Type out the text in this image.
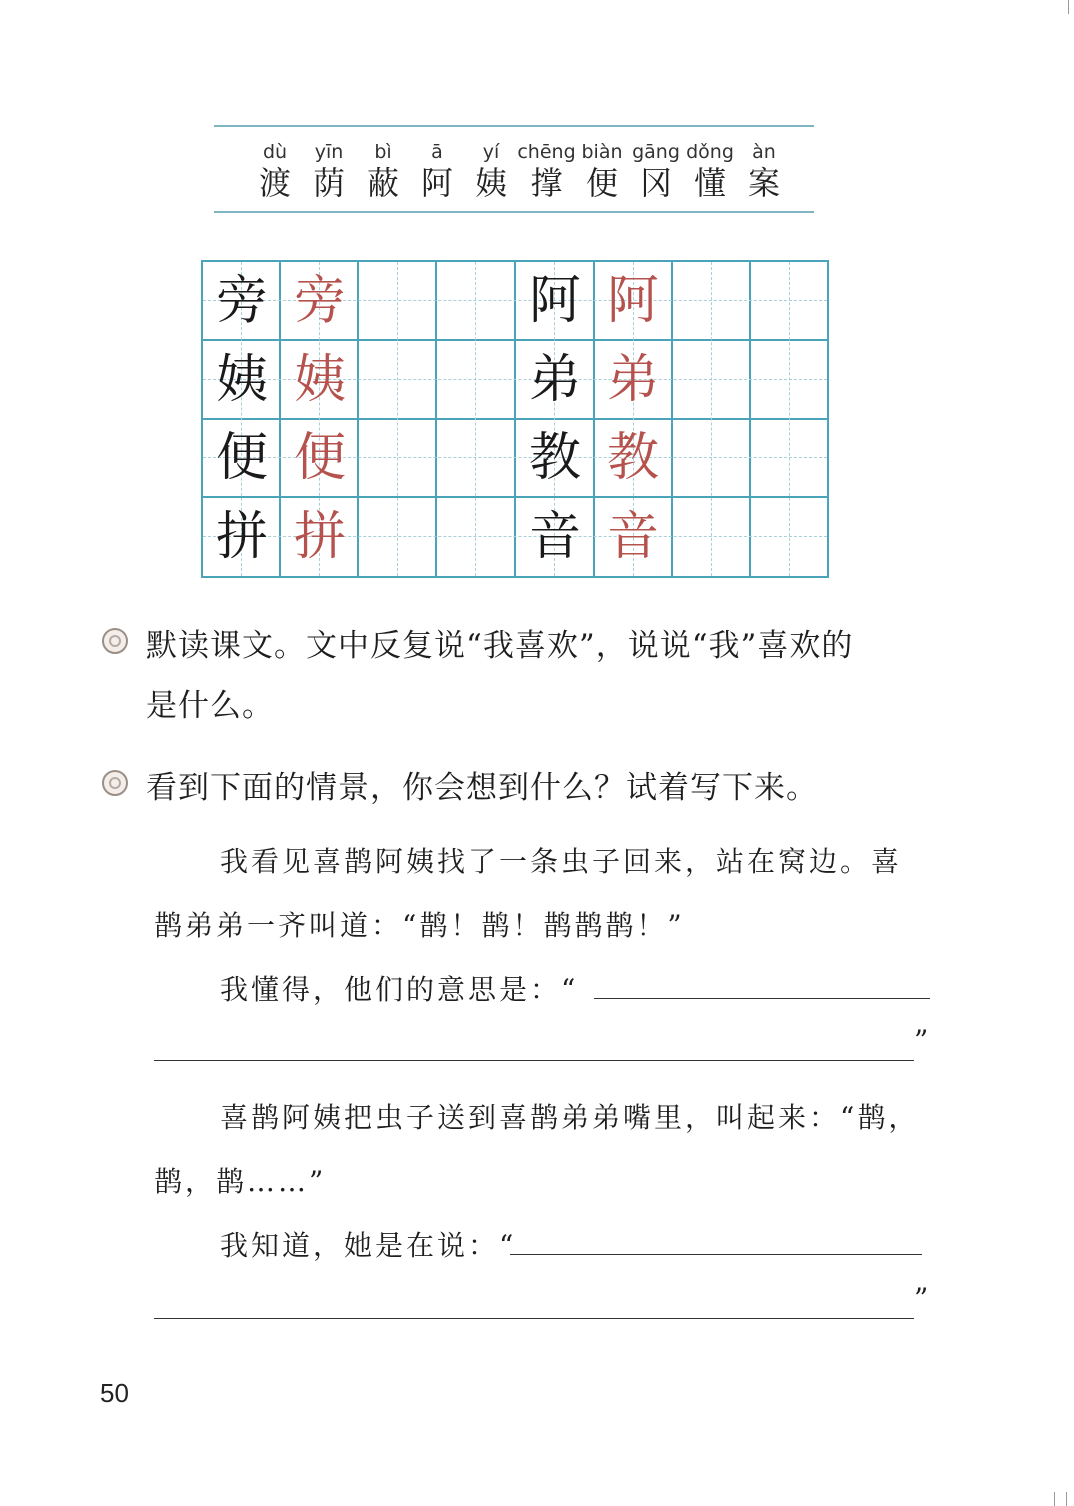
dù
渡
yīn
荫
bì
蔽
ā
阿
yí
姨
chēng
撑
biàn
便
gāng
冈
dǒng
懂
àn
案
旁 旁
姨 姨
便 便
拼 拼
阿 阿
弟 弟
教 教
音 音
默读课文。文中反复说“我喜欢”，说说“我”喜欢的
是什么。
看到下面的情景，你会想到什么？试着写下来。
我看见喜鹊阿姨找了一条虫子回来，站在窝边。喜
鹊弟弟一齐叫道：“鹊！鹊！鹊鹊鹊！”
我懂得，他们的意思是：“
”
喜鹊阿姨把虫子送到喜鹊弟弟嘴里，叫起来：“鹊，
鹊，鹊……”
我知道，她是在说：“
”
50
